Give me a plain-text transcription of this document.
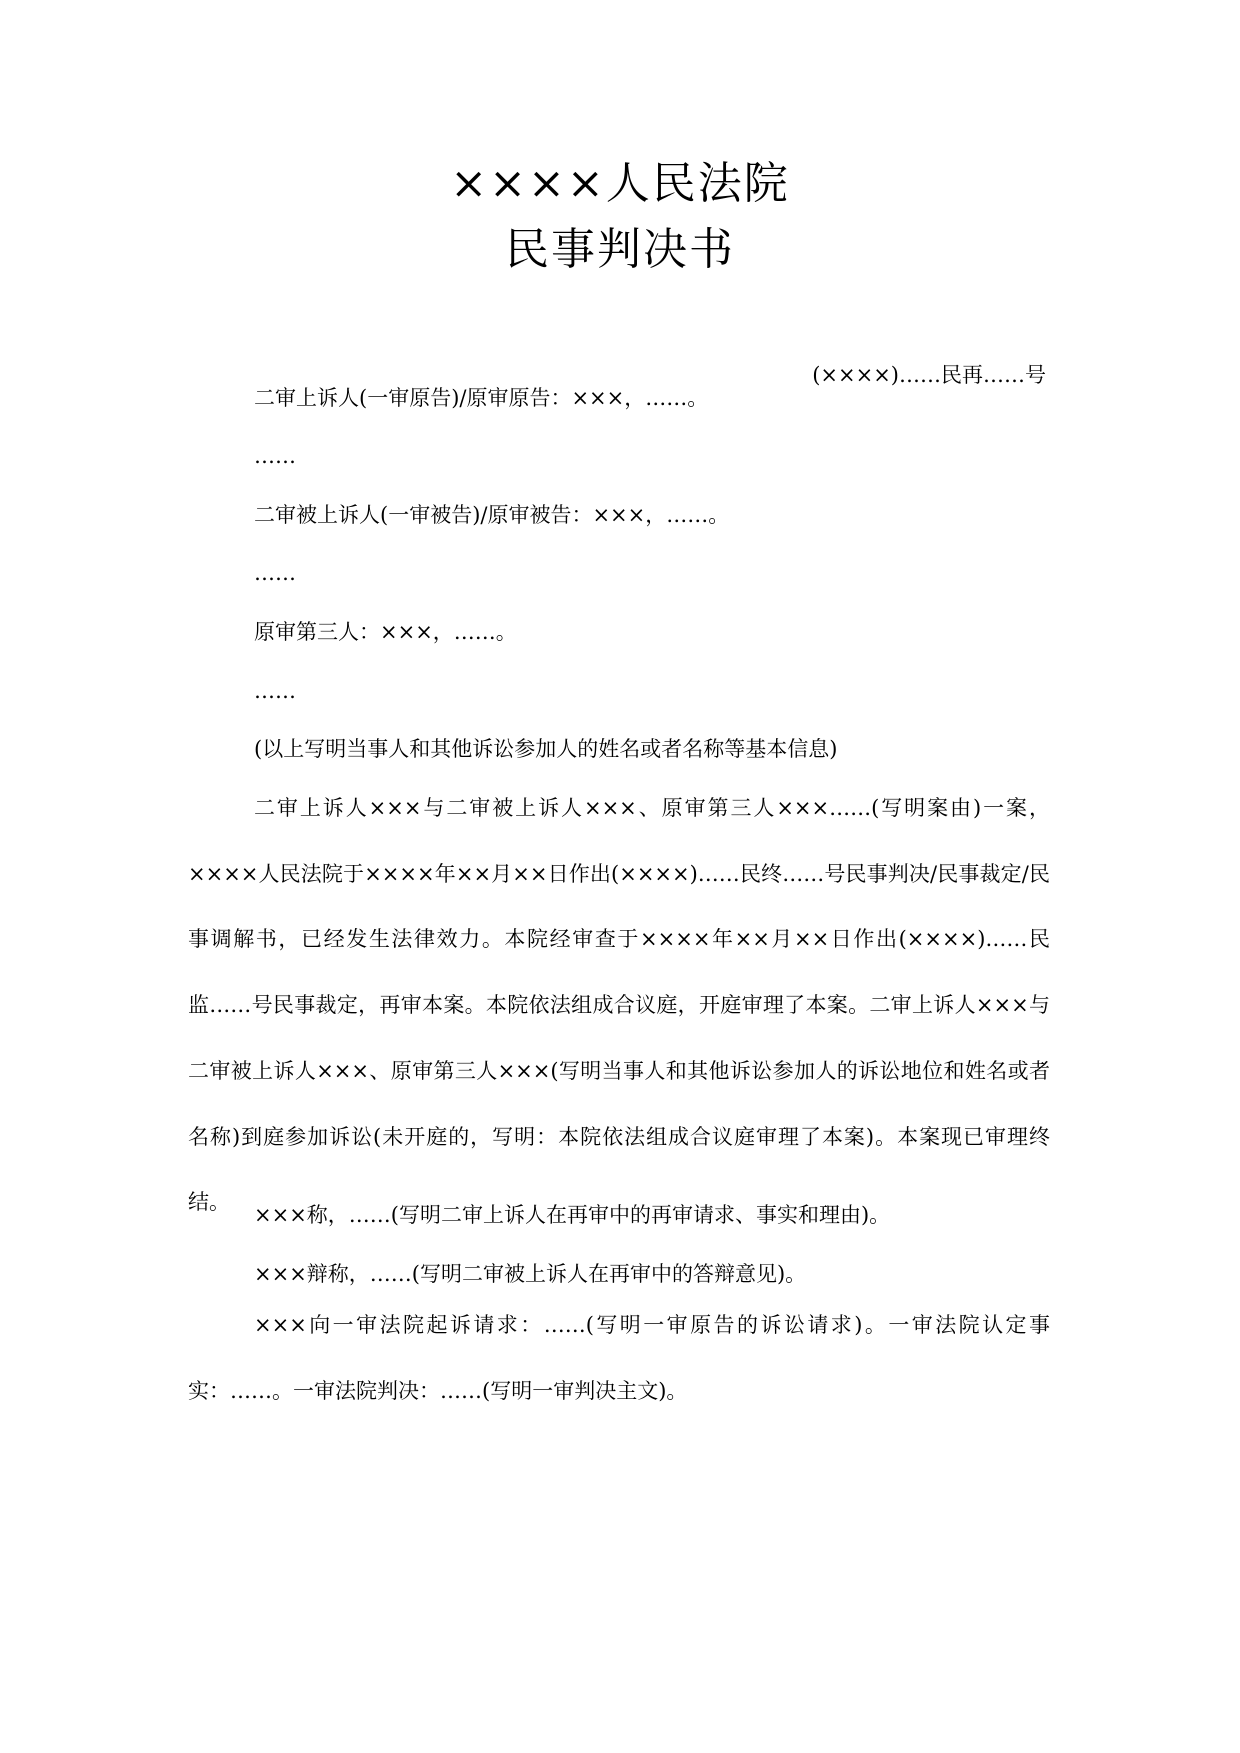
××××人民法院
民事判决书
(××××)……民再……号
二审上诉人(一审原告)/原审原告：×××，……。
……
二审被上诉人(一审被告)/原审被告：×××，……。
……
原审第三人：×××，……。
……
(以上写明当事人和其他诉讼参加人的姓名或者名称等基本信息)

二审上诉人×××与二审被上诉人×××、原审第三人×××……(写明案由)一案，××××人民法院于××××年××月××日作出(××××)……民终……号民事判决/民事裁定/民事调解书，已经发生法律效力。本院经审查于××××年××月××日作出(××××)……民监……号民事裁定，再审本案。本院依法组成合议庭，开庭审理了本案。二审上诉人×××与二审被上诉人×××、原审第三人×××(写明当事人和其他诉讼参加人的诉讼地位和姓名或者名称)到庭参加诉讼(未开庭的，写明：本院依法组成合议庭审理了本案)。本案现已审理终结。

×××称，……(写明二审上诉人在再审中的再审请求、事实和理由)。
×××辩称，……(写明二审被上诉人在再审中的答辩意见)。

×××向一审法院起诉请求：……(写明一审原告的诉讼请求)。一审法院认定事实：……。一审法院判决：……(写明一审判决主文)。
